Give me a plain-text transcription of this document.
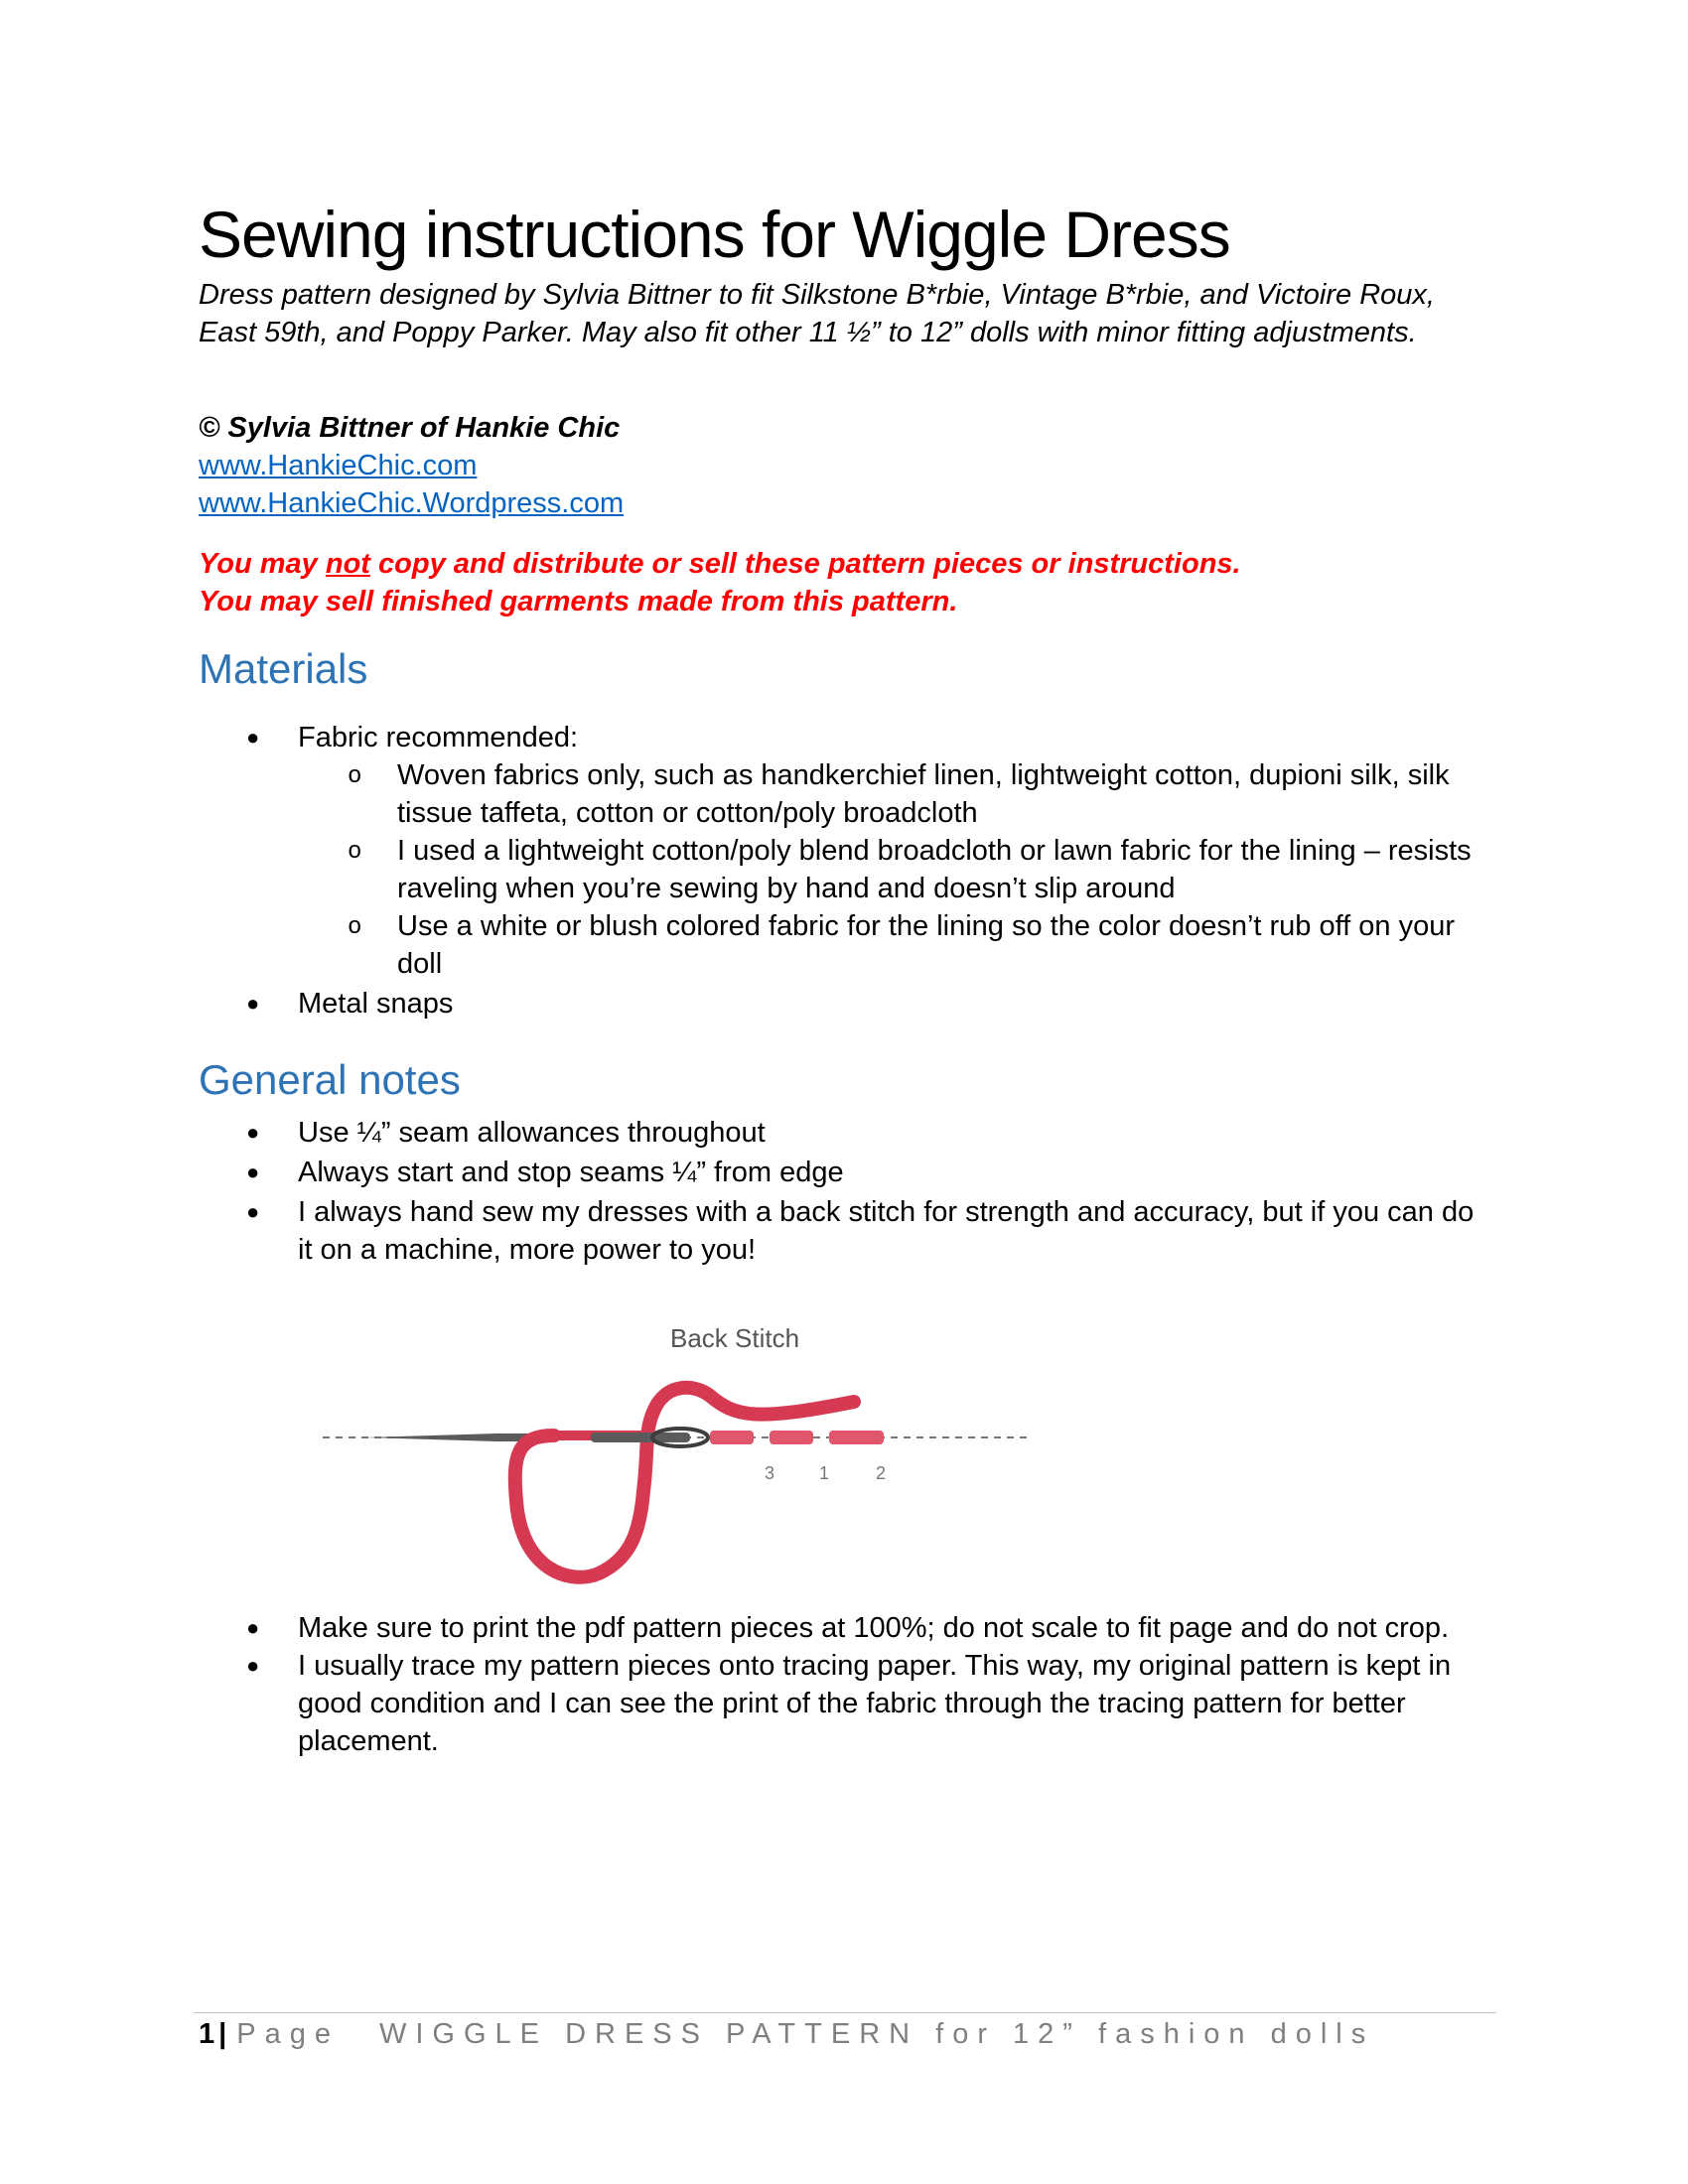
Sewing instructions for Wiggle Dress

Dress pattern designed by Sylvia Bittner to fit Silkstone B*rbie, Vintage B*rbie, and Victoire Roux, East 59th, and Poppy Parker. May also fit other 11 ½” to 12” dolls with minor fitting adjustments.

© Sylvia Bittner of Hankie Chic
www.HankieChic.com
www.HankieChic.Wordpress.com
You may not copy and distribute or sell these pattern pieces or instructions.
You may sell finished garments made from this pattern.
Materials
● Fabric recommended:
o Woven fabrics only, such as handkerchief linen, lightweight cotton, dupioni silk, silk tissue taffeta, cotton or cotton/poly broadcloth
o I used a lightweight cotton/poly blend broadcloth or lawn fabric for the lining – resists raveling when you’re sewing by hand and doesn’t slip around
o Use a white or blush colored fabric for the lining so the color doesn’t rub off on your doll
● Metal snaps
General notes
● Use ¼” seam allowances throughout
● Always start and stop seams ¼” from edge
● I always hand sew my dresses with a back stitch for strength and accuracy, but if you can do it on a machine, more power to you!
Back Stitch
3 1	2
● Make sure to print the pdf pattern pieces at 100%; do not scale to fit page and do not crop.
● I usually trace my pattern pieces onto tracing paper. This way, my original pattern is kept in good condition and I can see the print of the fabric through the tracing pattern for better placement.
1 | Page WIGGLE DRESS PATTERN for 12” fashion dolls
